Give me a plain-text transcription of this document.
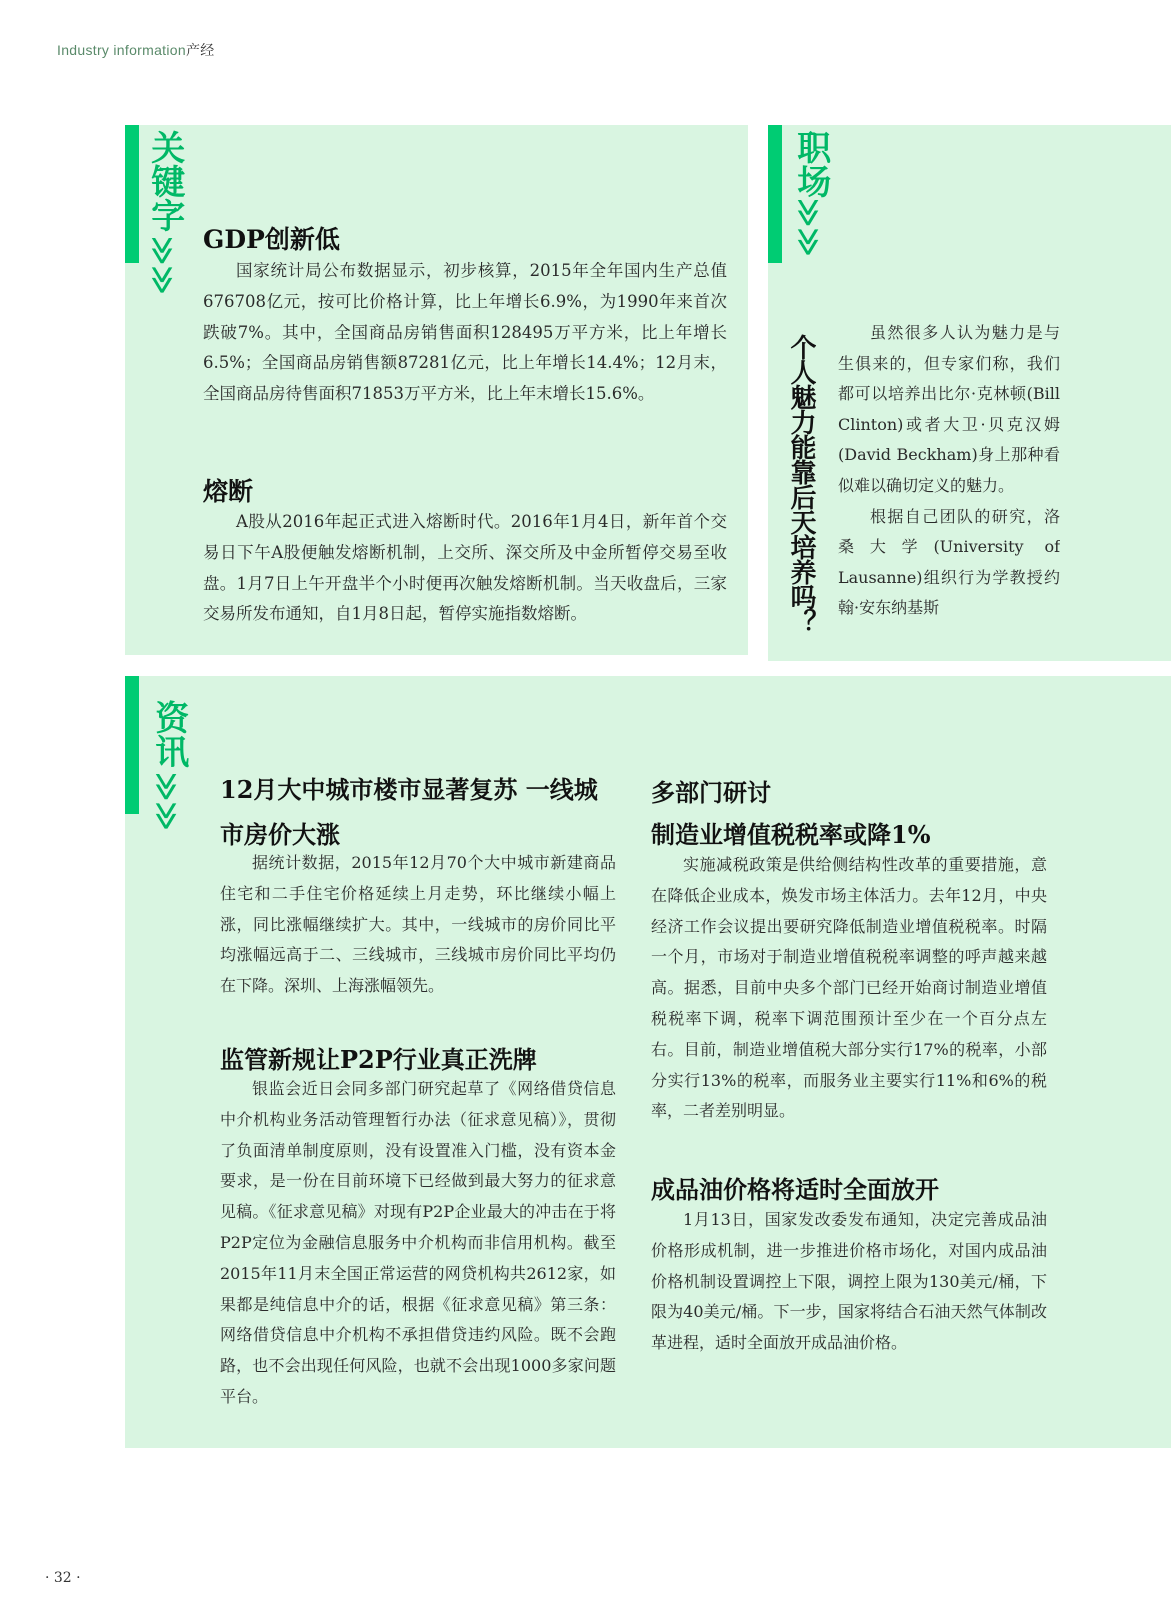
Industry information产经
关键字
≫≫
GDP创新低
国家统计局公布数据显示，初步核算，2015年全年国内生产总值676708亿元，按可比价格计算，比上年增长6.9%，为1990年来首次跌破7%。其中，全国商品房销售面积128495万平方米，比上年增长6.5%；全国商品房销售额87281亿元，比上年增长14.4%；12月末，全国商品房待售面积71853万平方米，比上年末增长15.6%。
熔断
A股从2016年起正式进入熔断时代。2016年1月4日，新年首个交易日下午A股便触发熔断机制，上交所、深交所及中金所暂停交易至收盘。1月7日上午开盘半个小时便再次触发熔断机制。当天收盘后，三家交易所发布通知，自1月8日起，暂停实施指数熔断。
职场
≫≫
个人魅力能靠后天培养吗？

虽然很多人认为魅力是与生俱来的，但专家们称，我们都可以培养出比尔·克林顿(Bill Clinton)或者大卫·贝克汉姆(David Beckham)身上那种看似难以确切定义的魅力。

根据自己团队的研究，洛桑大学(University of Lausanne)组织行为学教授约翰·安东纳基斯

资讯
≫≫
12月大中城市楼市显著复苏 一线城
市房价大涨
据统计数据，2015年12月70个大中城市新建商品住宅和二手住宅价格延续上月走势，环比继续小幅上涨，同比涨幅继续扩大。其中，一线城市的房价同比平均涨幅远高于二、三线城市，三线城市房价同比平均仍在下降。深圳、上海涨幅领先。
监管新规让P2P行业真正洗牌
银监会近日会同多部门研究起草了《网络借贷信息中介机构业务活动管理暂行办法（征求意见稿）》，贯彻了负面清单制度原则，没有设置准入门槛，没有资本金要求，是一份在目前环境下已经做到最大努力的征求意见稿。《征求意见稿》对现有P2P企业最大的冲击在于将P2P定位为金融信息服务中介机构而非信用机构。截至2015年11月末全国正常运营的网贷机构共2612家，如果都是纯信息中介的话，根据《征求意见稿》第三条：网络借贷信息中介机构不承担借贷违约风险。既不会跑路，也不会出现任何风险，也就不会出现1000多家问题平台。
多部门研讨
制造业增值税税率或降1%
实施减税政策是供给侧结构性改革的重要措施，意在降低企业成本，焕发市场主体活力。去年12月，中央经济工作会议提出要研究降低制造业增值税税率。时隔一个月，市场对于制造业增值税税率调整的呼声越来越高。据悉，目前中央多个部门已经开始商讨制造业增值税税率下调，税率下调范围预计至少在一个百分点左右。目前，制造业增值税大部分实行17%的税率，小部分实行13%的税率，而服务业主要实行11%和6%的税率，二者差别明显。
成品油价格将适时全面放开
1月13日，国家发改委发布通知，决定完善成品油价格形成机制，进一步推进价格市场化，对国内成品油价格机制设置调控上下限，调控上限为130美元/桶，下限为40美元/桶。下一步，国家将结合石油天然气体制改革进程，适时全面放开成品油价格。
· 32 ·
